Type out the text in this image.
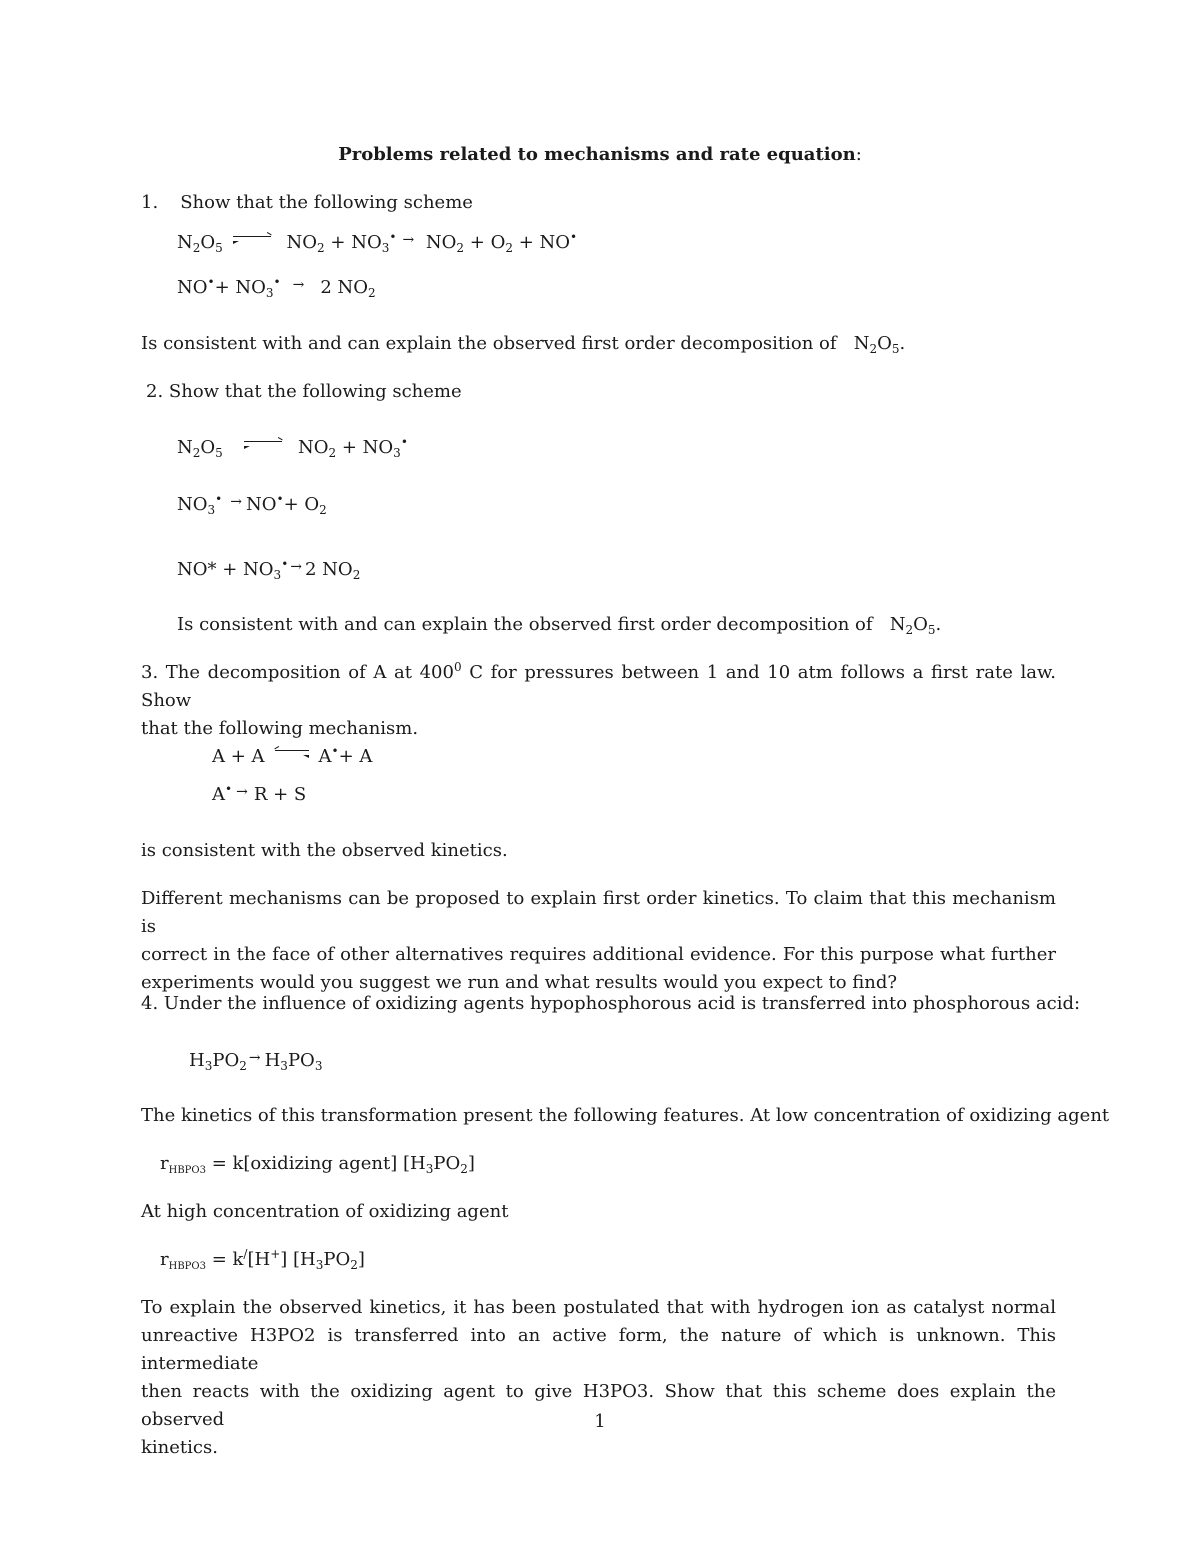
Problems related to mechanisms and rate equation:
1. Show that the following scheme
$N_2O_5$	$NO_2 + NO_3^• \to NO_2 + O_2 + NO^•$
$NO^•+ NO_3^• \to 2$ $NO_2$
Is consistent with and can explain the observed first order decomposition of   $N_2O_5$.
2. Show that the following scheme
$N_2O_5$	$NO_2 + NO_3^•$
$NO_3^• \to NO^•+ O_2$
$NO* + NO_3^• \to 2$ $NO_2$
Is consistent with and can explain the observed first order decomposition of   $N_2O_5$.
3. The decomposition of A at $400^0$ C for pressures between 1 and 10 atm follows a first rate law. Show
that the following mechanism.
A + A	A•+ A
A• → R + S
is consistent with the observed kinetics.
Different mechanisms can be proposed to explain first order kinetics. To claim that this mechanism is
correct in the face of other alternatives requires additional evidence. For this purpose what further
experiments would you suggest we run and what results would you expect to find?
4. Under the influence of oxidizing agents hypophosphorous acid is transferred into phosphorous acid:
$H_3PO_2 \to H_3PO_3$
The kinetics of this transformation present the following features. At low concentration of oxidizing agent
$r_{HBPO3}$ = k[oxidizing agent] $[H_3PO_2]$
At high concentration of oxidizing agent
$r_{HBPO3} = k^/[H^+]$ $[H_3PO_2]$
To explain the observed kinetics, it has been postulated that with hydrogen ion as catalyst normal
unreactive H3PO2 is transferred into an active form, the nature of which is unknown. This intermediate
then reacts with the oxidizing agent to give H3PO3. Show that this scheme does explain the observed
kinetics.
1
